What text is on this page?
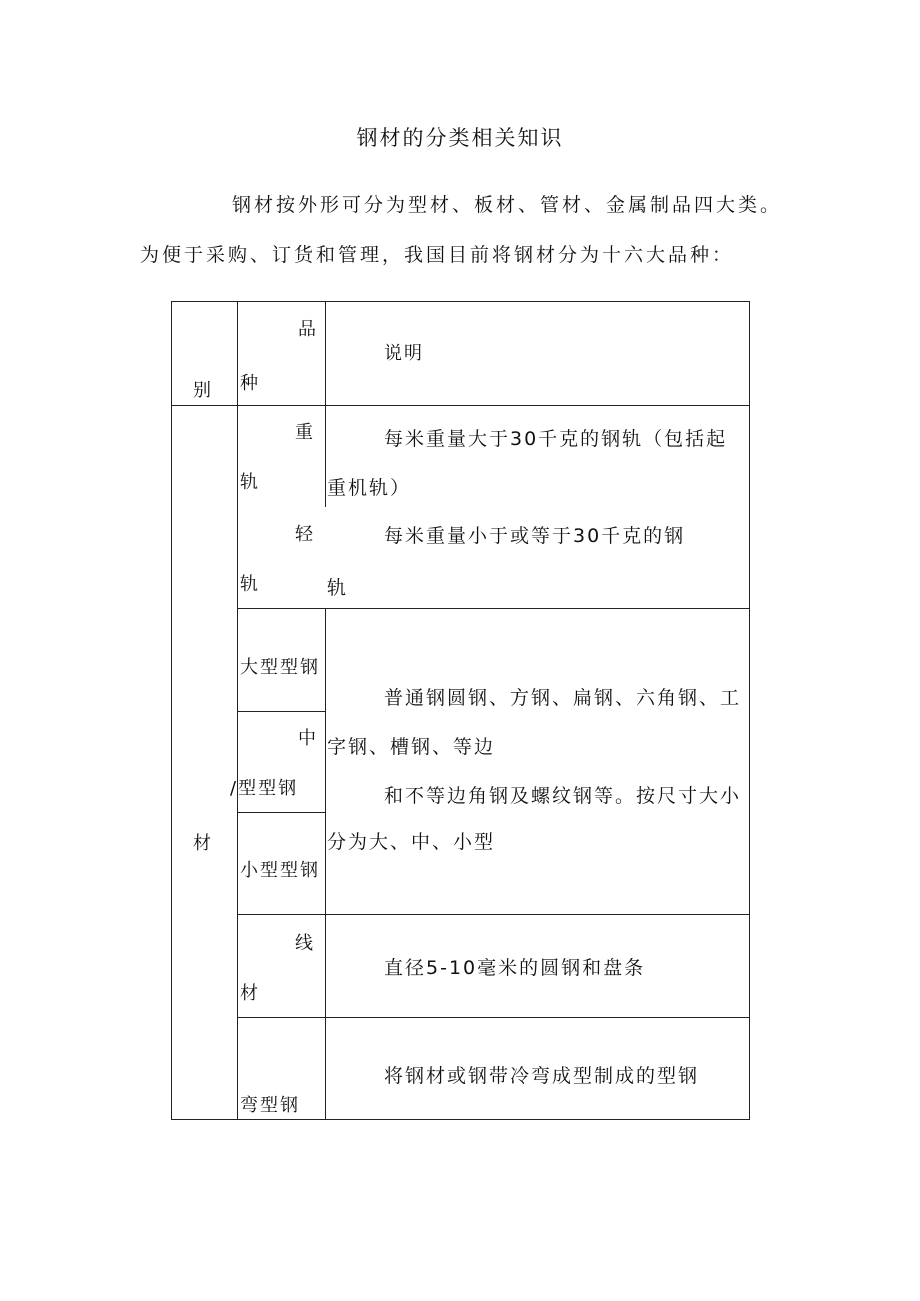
钢材的分类相关知识
钢材按外形可分为型材、板材、管材、金属制品四大类。
为便于采购、订货和管理，我国目前将钢材分为十六大品种：
别
品
种
说明
材
重
轨
每米重量大于30千克的钢轨（包括起
重机轨）
轻
轨
每米重量小于或等于30千克的钢
轨
大型型钢
中
/型型钢
小型型钢
普通钢圆钢、方钢、扁钢、六角钢、工
字钢、槽钢、等边
和不等边角钢及螺纹钢等。按尺寸大小
分为大、中、小型
线
材
直径5-10毫米的圆钢和盘条
弯型钢
将钢材或钢带冷弯成型制成的型钢
